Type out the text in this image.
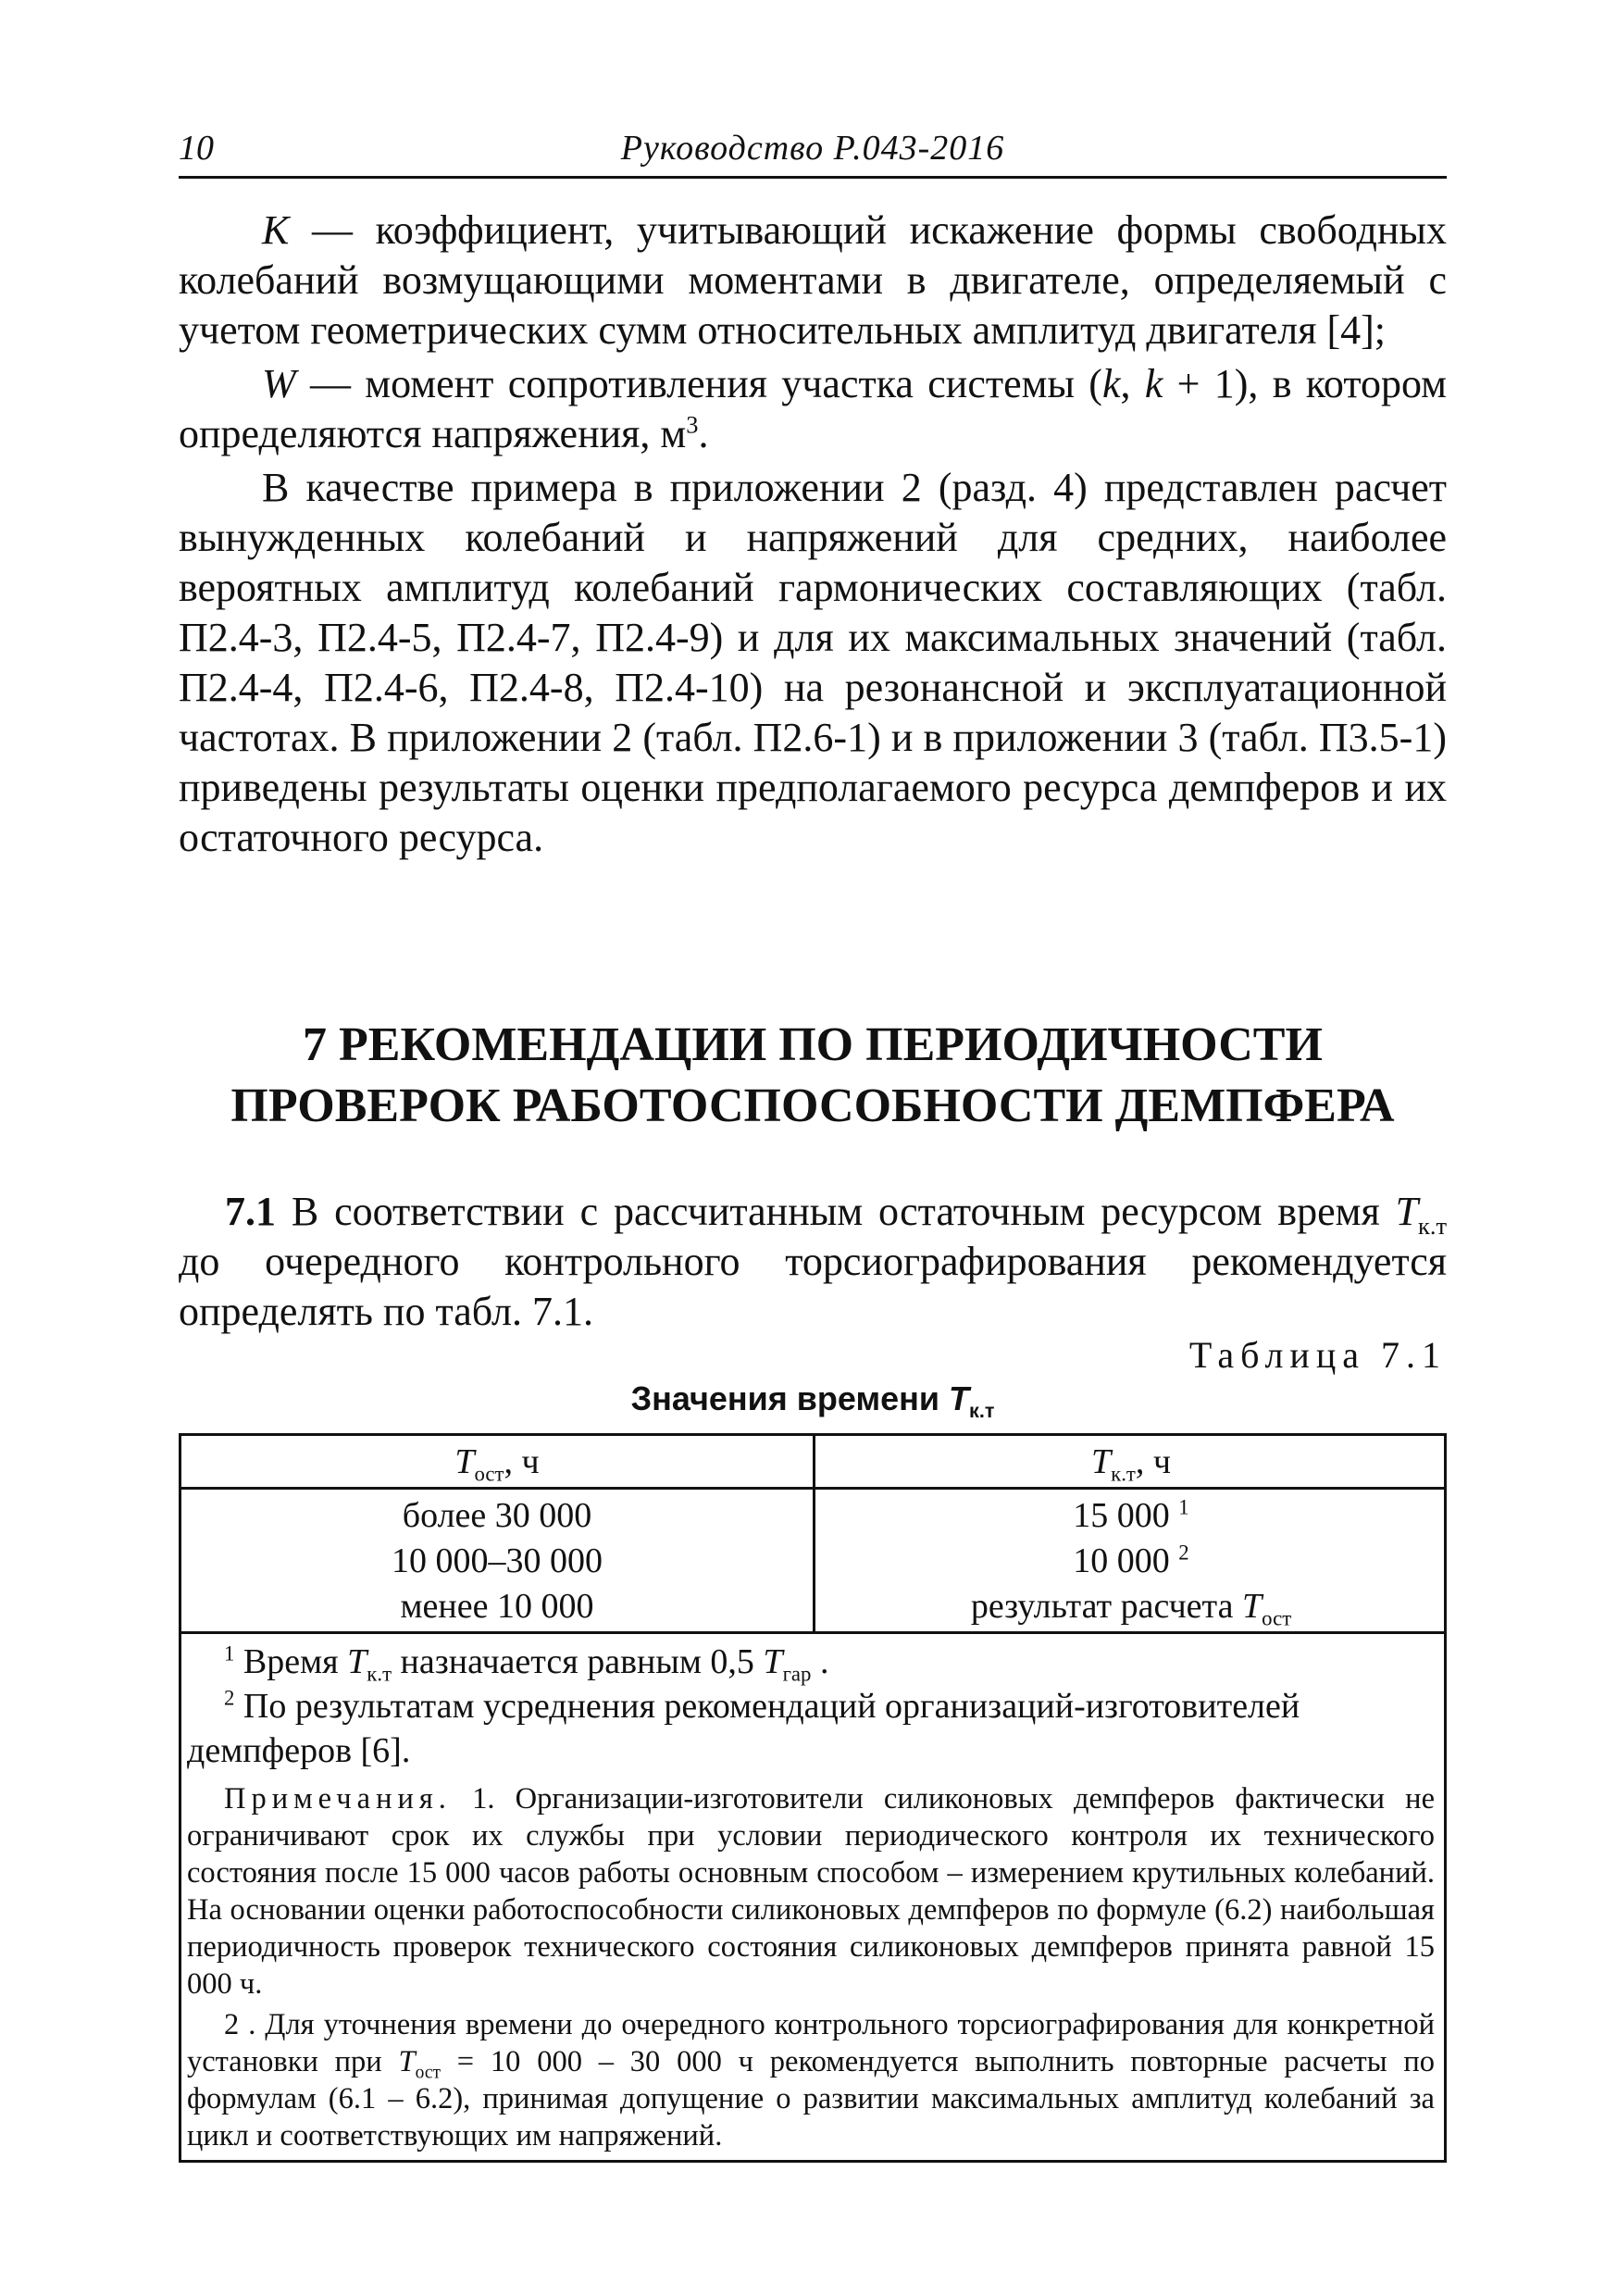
10	Руководство Р.043-2016

K — коэффициент, учитывающий искажение формы свободных колебаний возмущающими моментами в двигателе, определяемый с учетом геометрических сумм относительных амплитуд двигателя [4];

W — момент сопротивления участка системы (k, k + 1), в котором определяются напряжения, $м^3$.

В качестве примера в приложении 2 (разд. 4) представлен расчет вынужденных колебаний и напряжений для средних, наиболее вероятных амплитуд колебаний гармонических составляющих (табл. П2.4-3, П2.4-5, П2.4-7, П2.4-9) и для их максимальных значений (табл. П2.4-4, П2.4-6, П2.4-8, П2.4-10) на резонансной и эксплуатационной частотах. В приложении 2 (табл. П2.6-1) и в приложении 3 (табл. П3.5-1) приведены результаты оценки предполагаемого ресурса демпферов и их остаточного ресурса.

7 РЕКОМЕНДАЦИИ ПО ПЕРИОДИЧНОСТИ
ПРОВЕРОК РАБОТОСПОСОБНОСТИ ДЕМПФЕРА

7.1 В соответствии с рассчитанным остаточным ресурсом время $T_{к.т}$ до очередного контрольного торсиографирования рекомендуется определять по табл. 7.1.

Таблица 7.1
Значения времени $T_{к.т}$
$T_{ост}$, ч
более 30 000
10 000–30 000
менее 10 000
$T_{к.т}$, ч
15 000 $^1$
10 000 $^2$
результат расчета $T_{ост}$

$^1$ Время $T_{к.т}$ назначается равным 0,5 $T_{гар}$ .

$^2$ По результатам усреднения рекомендаций организаций-изготовителей демпферов [6].

Примечания. 1. Организации-изготовители силиконовых демпферов фактически не ограничивают срок их службы при условии периодического контроля их технического состояния после 15 000 часов работы основным способом – измерением крутильных колебаний. На основании оценки работоспособности силиконовых демпферов по формуле (6.2) наибольшая периодичность проверок технического состояния силиконовых демпферов принята равной 15 000 ч.

2 . Для уточнения времени до очередного контрольного торсиографирования для конкретной установки при $T_{ост} = 10$ 000 – 30 000 ч рекомендуется выполнить повторные расчеты по формулам (6.1 – 6.2), принимая допущение о развитии максимальных амплитуд колебаний за цикл и соответствующих им напряжений.
